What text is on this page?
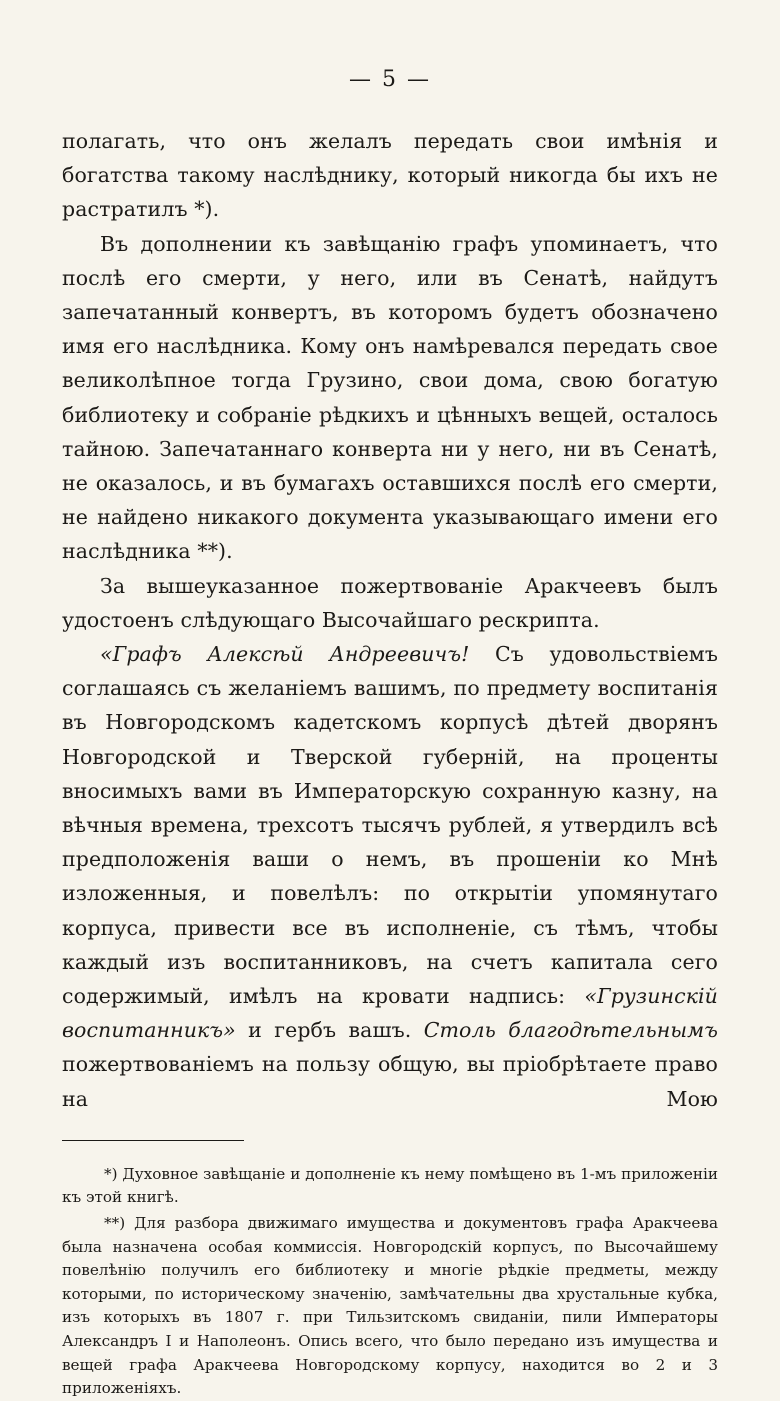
— 5 —

полагать, что онъ желалъ передать свои имѣнія и богатства такому наслѣднику, который никогда бы ихъ не растратилъ *).

Въ дополнении къ завѣщанію графъ упоминаетъ, что послѣ его смерти, у него, или въ Сенатѣ, найдутъ запечатанный конвертъ, въ которомъ будетъ обозначено имя его наслѣдника. Кому онъ намѣревался передать свое великолѣпное тогда Грузино, свои дома, свою богатую библиотеку и собраніе рѣдкихъ и цѣнныхъ вещей, осталось тайною. Запечатаннаго конверта ни у него, ни въ Сенатѣ, не оказалось, и въ бумагахъ оставшихся послѣ его смерти, не найдено никакого документа указывающаго имени его наслѣдника **).

За вышеуказанное пожертвованіе Аракчеевъ былъ удостоенъ слѣдующаго Высочайшаго рескрипта.

«Графъ Алексѣй Андреевичъ! Съ удовольствіемъ соглашаясь съ желаніемъ вашимъ, по предмету воспитанія въ Новгородскомъ кадетскомъ корпусѣ дѣтей дворянъ Новгородской и Тверской губерній, на проценты вносимыхъ вами въ Императорскую сохранную казну, на вѣчныя времена, трехсотъ тысячъ рублей, я утвердилъ всѣ предположенія ваши о немъ, въ прошеніи ко Мнѣ изложенныя, и повелѣлъ: по открытіи упомянутаго корпуса, привести все въ исполненіе, съ тѣмъ, чтобы каждый изъ воспитанниковъ, на счетъ капитала сего содержимый, имѣлъ на кровати надпись: «Грузинскій воспитанникъ» и гербъ вашъ. Столь благодѣтельнымъ пожертвованіемъ на пользу общую, вы пріобрѣтаете право на Мою

*) Духовное завѣщаніе и дополненіе къ нему помѣщено въ 1-мъ приложеніи къ этой книгѣ.

**) Для разбора движимаго имущества и документовъ графа Аракчеева была назначена особая коммиссія. Новгородскій корпусъ, по Высочайшему повелѣнію получилъ его библиотеку и многіе рѣдкіе предметы, между которыми, по историческому значенію, замѣчательны два хрустальные кубка, изъ которыхъ въ 1807 г. при Тильзитскомъ свиданіи, пили Императоры Александръ I и Наполеонъ. Опись всего, что было передано изъ имущества и вещей графа Аракчеева Новгородскому корпусу, находится во 2 и 3 приложеніяхъ.
